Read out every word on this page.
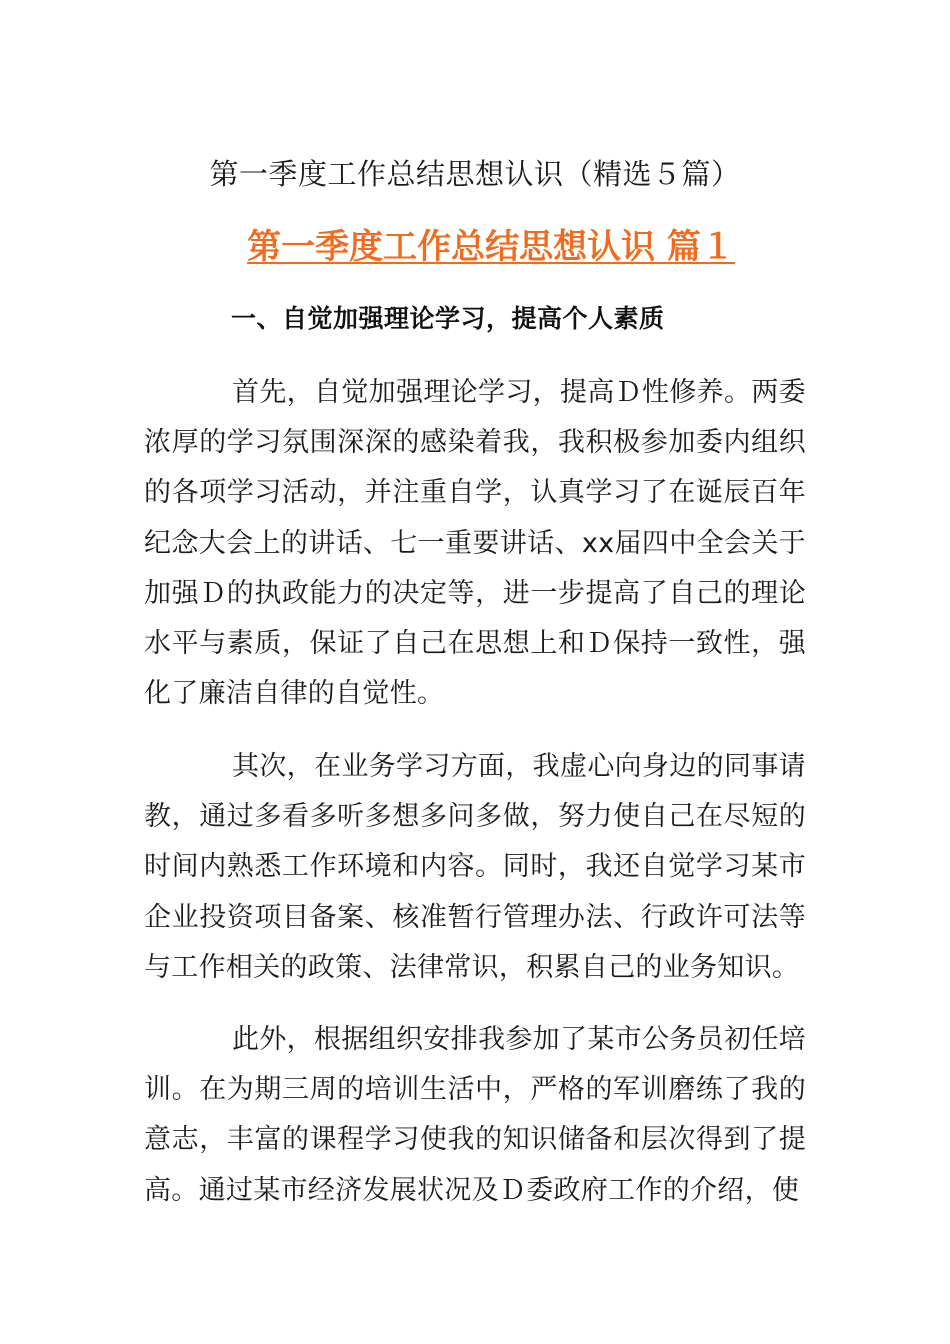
第一季度工作总结思想认识（精选５篇）
第一季度工作总结思想认识 篇１
一、自觉加强理论学习，提高个人素质

首先，自觉加强理论学习，提高Ｄ性修养。两委浓厚的学习氛围深深的感染着我，我积极参加委内组织的各项学习活动，并注重自学，认真学习了在诞辰百年纪念大会上的讲话、七一重要讲话、xx届四中全会关于加强Ｄ的执政能力的决定等，进一步提高了自己的理论水平与素质，保证了自己在思想上和Ｄ保持一致性，强化了廉洁自律的自觉性。

其次，在业务学习方面，我虚心向身边的同事请教，通过多看多听多想多问多做，努力使自己在尽短的时间内熟悉工作环境和内容。同时，我还自觉学习某市企业投资项目备案、核准暂行管理办法、行政许可法等与工作相关的政策、法律常识，积累自己的业务知识。

此外，根据组织安排我参加了某市公务员初任培训。在为期三周的培训生活中，严格的军训磨练了我的意志，丰富的课程学习使我的知识储备和层次得到了提高。通过某市经济发展状况及Ｄ委政府工作的介绍，使
